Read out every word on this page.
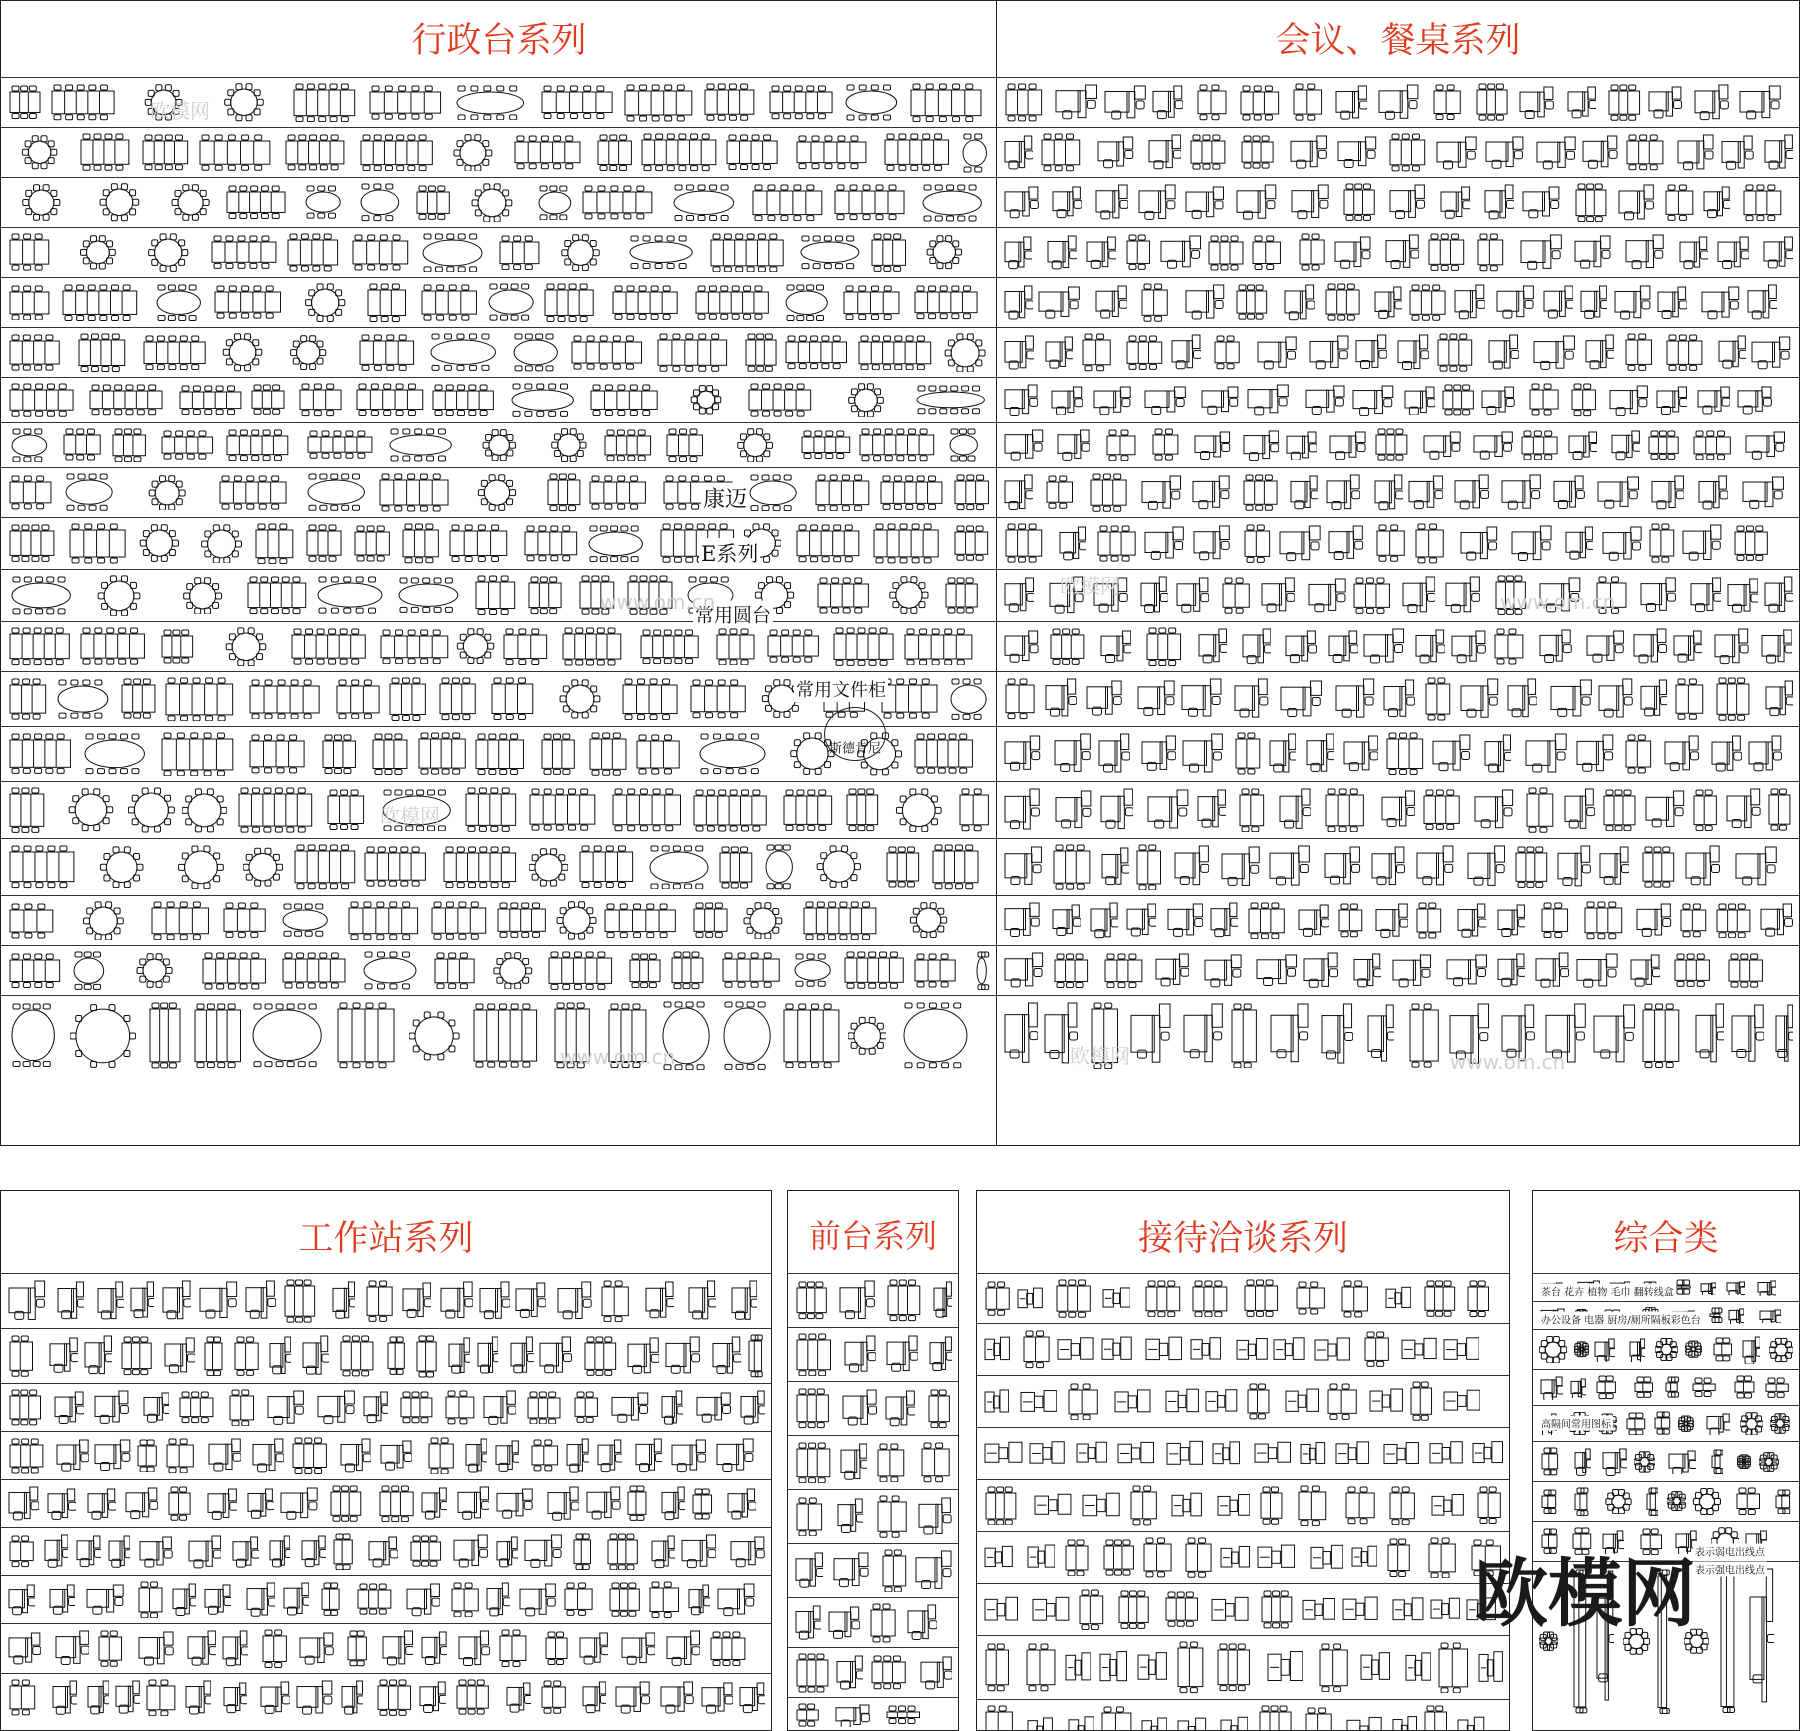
行政台系列
康迈
E系列
常用圆台
常用文件柜
斯德肯尼
会议、餐桌系列
工作站系列	前台系列	接待洽谈系列	综合类
茶台 花卉 植物 毛巾 翻转线盒
办公设备 电器 厨房/厕所隔板彩色台
高隔间常用图标
表示弱电出线点
表示强电出线点
欧模网
欧模网
www.om.cn
欧模网
www.om.cn
欧模网
www.om.cn	欧模网	www.om.cn
